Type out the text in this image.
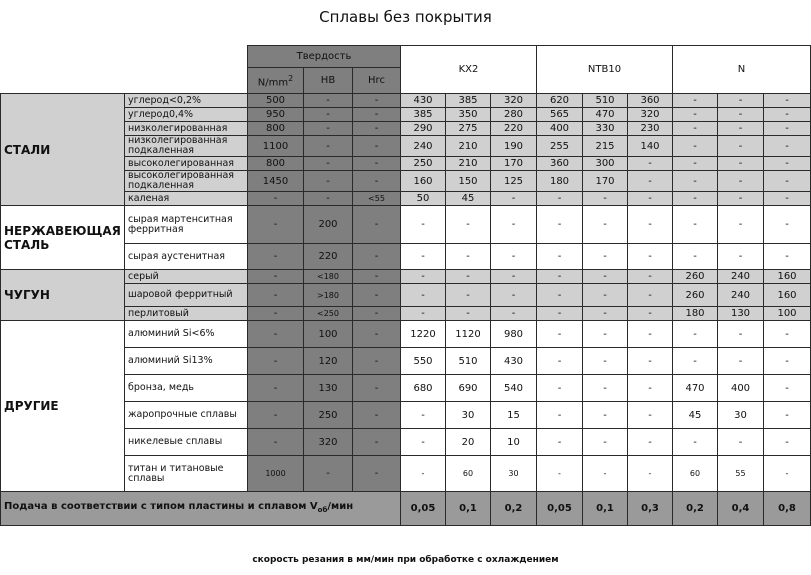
Сплавы без покрытия
		Твердость			KX2			NTB10			N		
		$N/mm^2$	HB	Hrc									
СТАЛИ	углерод<0,2%	500	-	-	430	385	320	620	510	360	-	-	-
	углерод0,4%	950	-	-	385	350	280	565	470	320	-	-	-
	низколегированная	800	-	-	290	275	220	400	330	230	-	-	-
	низколегированная подкаленная	1100	-	-	240	210	190	255	215	140	-	-	-
	высоколегированная	800	-	-	250	210	170	360	300	-	-	-	-
	высоколегированная подкаленная	1450	-	-	160	150	125	180	170	-	-	-	-
	каленая	-	-	<55	50	45	-	-	-	-	-	-	-
НЕРЖАВЕЮЩАЯ СТАЛЬ	сырая мартенситная ферритная	-	200	-	-	-	-	-	-	-	-	-	-
	сырая аустенитная	-	220	-	-	-	-	-	-	-	-	-	-
ЧУГУН	серый	-	<180	-	-	-	-	-	-	-	260	240	160
	шаровой ферритный	-	>180	-	-	-	-	-	-	-	260	240	160
	перлитовый	-	<250	-	-	-	-	-	-	-	180	130	100
ДРУГИЕ	алюминий Si<6%	-	100	-	1220	1120	980	-	-	-	-	-	-
	алюминий Si13%	-	120	-	550	510	430	-	-	-	-	-	-
	бронза, медь	-	130	-	680	690	540	-	-	-	470	400	-
	жаропрочные сплавы	-	250	-	-	30	15	-	-	-	45	30	-
	никелевые сплавы	-	320	-	-	20	10	-	-	-	-	-	-
	титан и титановые сплавы	1000	-	-	-	60	30	-	-	-	60	55	-
Подача в соответствии с типом пластины и сплавом $V_{об}$/мин					0,05	0,1	0,2	0,05	0,1	0,3	0,2	0,4	0,8
скорость резания в мм/мин при обработке с охлаждением
